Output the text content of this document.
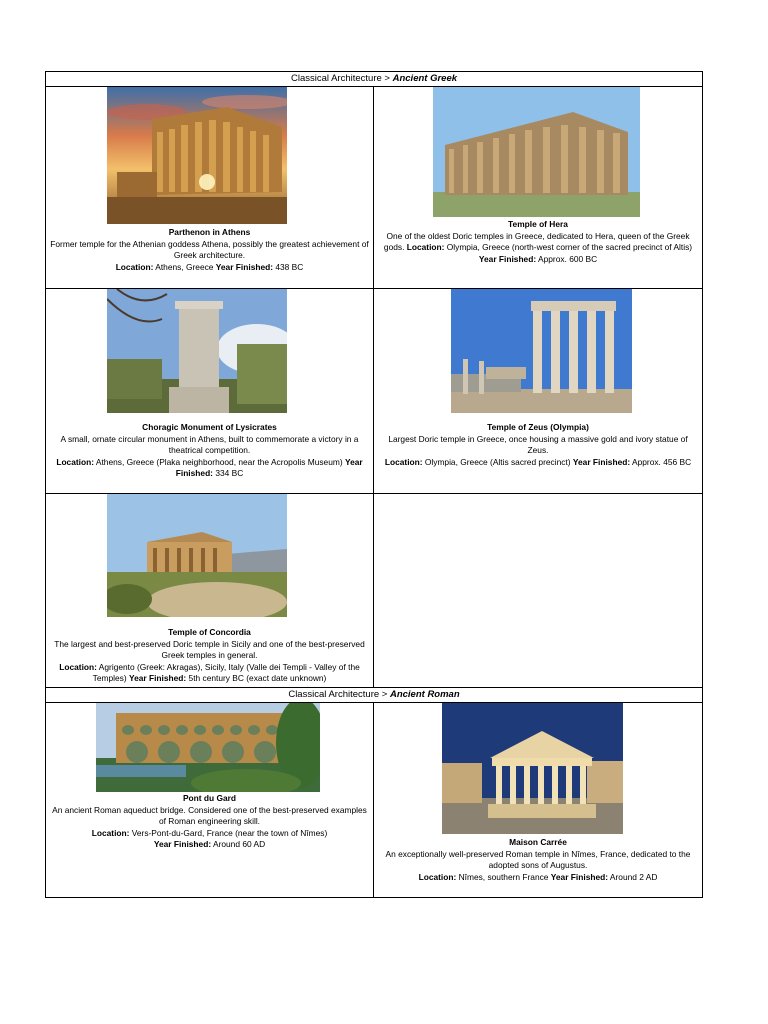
Classical Architecture > Ancient Greek
Parthenon in Athens
Former temple for the Athenian goddess Athena, possibly the greatest achievement of Greek architecture.
Location: Athens, Greece Year Finished: 438 BC
Temple of Hera
One of the oldest Doric temples in Greece, dedicated to Hera, queen of the Greek gods. Location: Olympia, Greece (north-west corner of the sacred precinct of Altis)
Year Finished: Approx. 600 BC
Choragic Monument of Lysicrates
A small, ornate circular monument in Athens, built to commemorate a victory in a theatrical competition.
Location: Athens, Greece (Plaka neighborhood, near the Acropolis Museum) Year Finished: 334 BC
Temple of Zeus (Olympia)
Largest Doric temple in Greece, once housing a massive gold and ivory statue of Zeus.
Location: Olympia, Greece (Altis sacred precinct) Year Finished: Approx. 456 BC
Temple of Concordia
The largest and best-preserved Doric temple in Sicily and one of the best-preserved Greek temples in general.
Location: Agrigento (Greek: Akragas), Sicily, Italy (Valle dei Templi - Valley of the Temples) Year Finished: 5th century BC (exact date unknown)
Classical Architecture > Ancient Roman
Pont du Gard
An ancient Roman aqueduct bridge. Considered one of the best-preserved examples of Roman engineering skill.
Location: Vers-Pont-du-Gard, France (near the town of Nîmes)
Year Finished: Around 60 AD	Maison Carrée
An exceptionally well-preserved Roman temple in Nîmes, France, dedicated to the adopted sons of Augustus.
Location: Nîmes, southern France Year Finished: Around 2 AD
